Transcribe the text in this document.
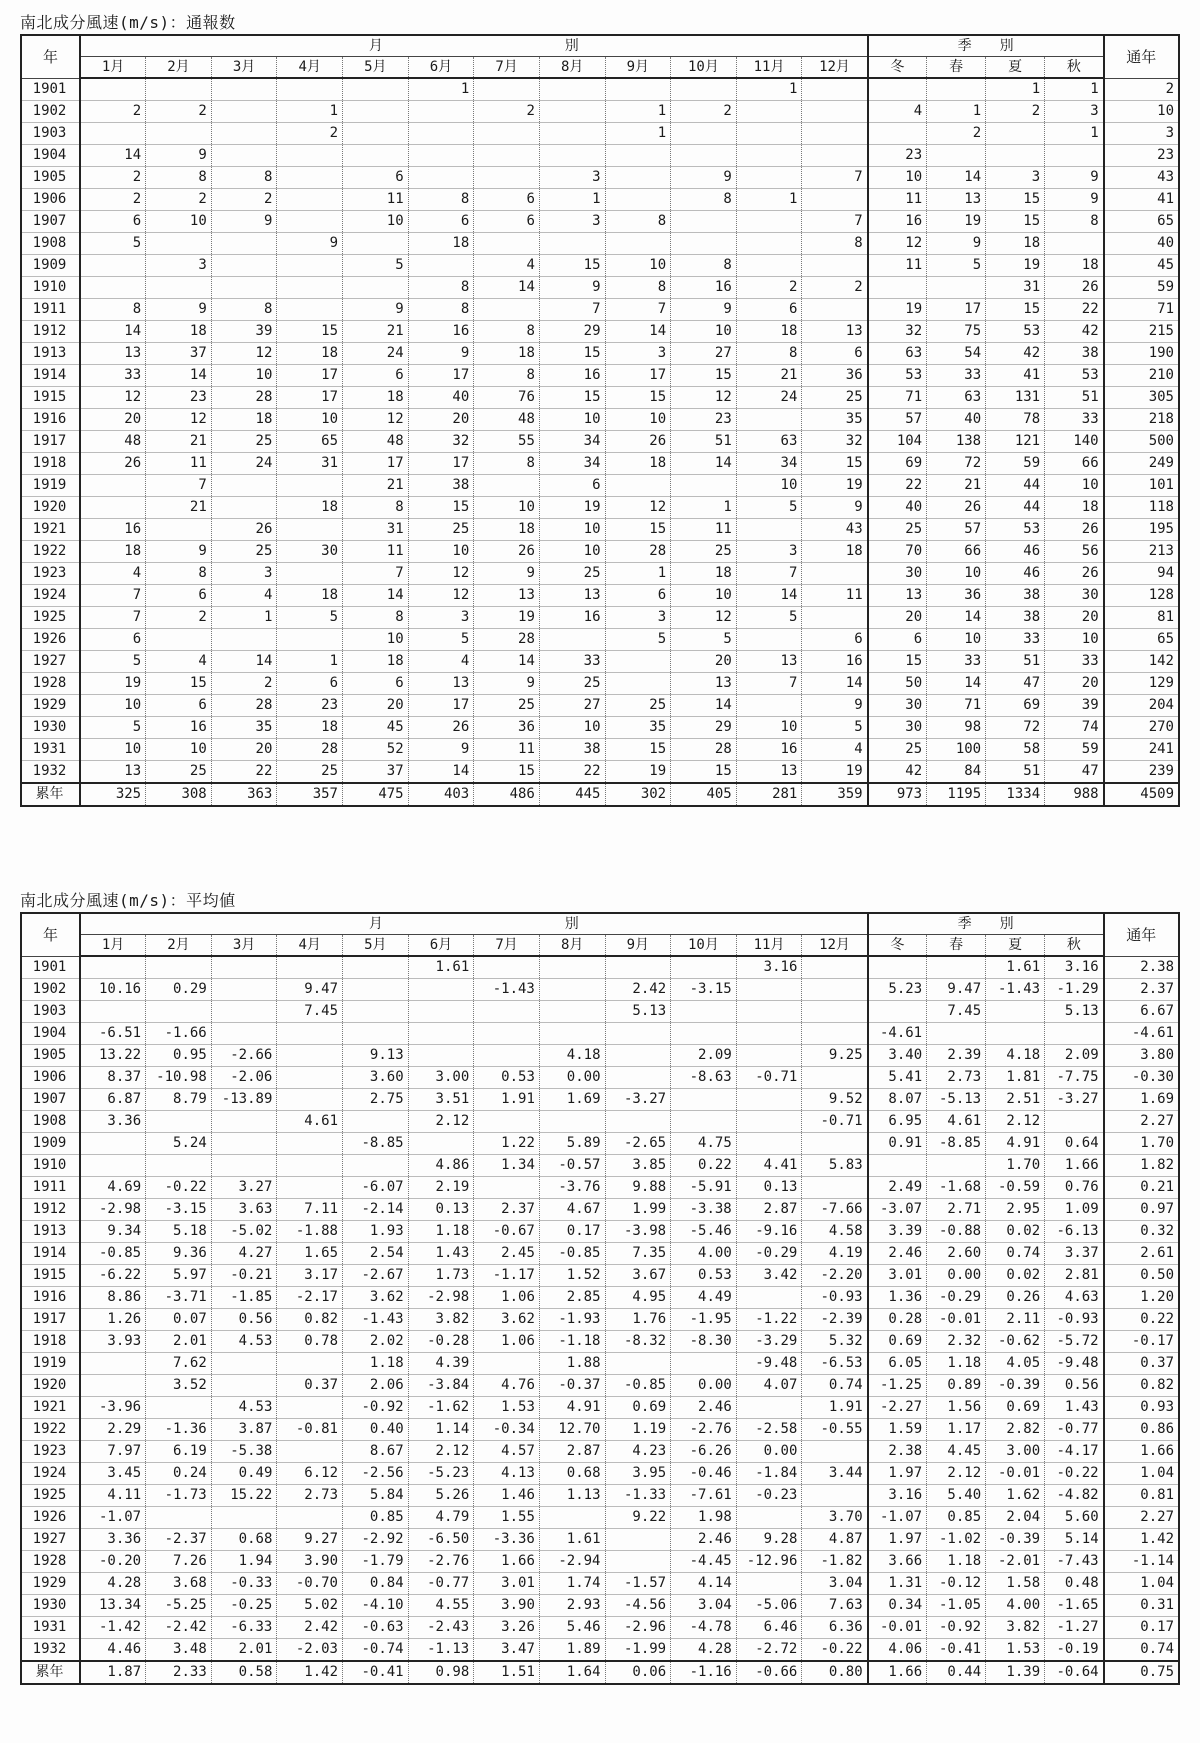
南北成分風速(m/s)：通報数
年	月　　　　　　　　　　　　　別												季　　別				通年
	1月	2月	3月	4月	5月	6月	7月	8月	9月	10月	11月	12月	冬	春	夏	秋	
1901						1					1				1	1	2
1902	2	2		1			2		1	2			4	1	2	3	10
1903				2					1					2		1	3
1904	14	9											23				23
1905	2	8	8		6			3		9		7	10	14	3	9	43
1906	2	2	2		11	8	6	1		8	1		11	13	15	9	41
1907	6	10	9		10	6	6	3	8			7	16	19	15	8	65
1908	5			9		18						8	12	9	18		40
1909		3			5		4	15	10	8			11	5	19	18	45
1910						8	14	9	8	16	2	2			31	26	59
1911	8	9	8		9	8		7	7	9	6		19	17	15	22	71
1912	14	18	39	15	21	16	8	29	14	10	18	13	32	75	53	42	215
1913	13	37	12	18	24	9	18	15	3	27	8	6	63	54	42	38	190
1914	33	14	10	17	6	17	8	16	17	15	21	36	53	33	41	53	210
1915	12	23	28	17	18	40	76	15	15	12	24	25	71	63	131	51	305
1916	20	12	18	10	12	20	48	10	10	23		35	57	40	78	33	218
1917	48	21	25	65	48	32	55	34	26	51	63	32	104	138	121	140	500
1918	26	11	24	31	17	17	8	34	18	14	34	15	69	72	59	66	249
1919		7			21	38		6			10	19	22	21	44	10	101
1920		21		18	8	15	10	19	12	1	5	9	40	26	44	18	118
1921	16		26		31	25	18	10	15	11		43	25	57	53	26	195
1922	18	9	25	30	11	10	26	10	28	25	3	18	70	66	46	56	213
1923	4	8	3		7	12	9	25	1	18	7		30	10	46	26	94
1924	7	6	4	18	14	12	13	13	6	10	14	11	13	36	38	30	128
1925	7	2	1	5	8	3	19	16	3	12	5		20	14	38	20	81
1926	6				10	5	28		5	5		6	6	10	33	10	65
1927	5	4	14	1	18	4	14	33		20	13	16	15	33	51	33	142
1928	19	15	2	6	6	13	9	25		13	7	14	50	14	47	20	129
1929	10	6	28	23	20	17	25	27	25	14		9	30	71	69	39	204
1930	5	16	35	18	45	26	36	10	35	29	10	5	30	98	72	74	270
1931	10	10	20	28	52	9	11	38	15	28	16	4	25	100	58	59	241
1932	13	25	22	25	37	14	15	22	19	15	13	19	42	84	51	47	239
累年	325	308	363	357	475	403	486	445	302	405	281	359	973	1195	1334	988	4509
南北成分風速(m/s)：平均値
年	月　　　　　　　　　　　　　別												季　　別				通年
	1月	2月	3月	4月	5月	6月	7月	8月	9月	10月	11月	12月	冬	春	夏	秋	
1901						1.61					3.16				1.61	3.16	2.38
1902	10.16	0.29		9.47			-1.43		2.42	-3.15			5.23	9.47	-1.43	-1.29	2.37
1903				7.45					5.13					7.45		5.13	6.67
1904	-6.51	-1.66											-4.61				-4.61
1905	13.22	0.95	-2.66		9.13			4.18		2.09		9.25	3.40	2.39	4.18	2.09	3.80
1906	8.37	-10.98	-2.06		3.60	3.00	0.53	0.00		-8.63	-0.71		5.41	2.73	1.81	-7.75	-0.30
1907	6.87	8.79	-13.89		2.75	3.51	1.91	1.69	-3.27			9.52	8.07	-5.13	2.51	-3.27	1.69
1908	3.36			4.61		2.12						-0.71	6.95	4.61	2.12		2.27
1909		5.24			-8.85		1.22	5.89	-2.65	4.75			0.91	-8.85	4.91	0.64	1.70
1910						4.86	1.34	-0.57	3.85	0.22	4.41	5.83			1.70	1.66	1.82
1911	4.69	-0.22	3.27		-6.07	2.19		-3.76	9.88	-5.91	0.13		2.49	-1.68	-0.59	0.76	0.21
1912	-2.98	-3.15	3.63	7.11	-2.14	0.13	2.37	4.67	1.99	-3.38	2.87	-7.66	-3.07	2.71	2.95	1.09	0.97
1913	9.34	5.18	-5.02	-1.88	1.93	1.18	-0.67	0.17	-3.98	-5.46	-9.16	4.58	3.39	-0.88	0.02	-6.13	0.32
1914	-0.85	9.36	4.27	1.65	2.54	1.43	2.45	-0.85	7.35	4.00	-0.29	4.19	2.46	2.60	0.74	3.37	2.61
1915	-6.22	5.97	-0.21	3.17	-2.67	1.73	-1.17	1.52	3.67	0.53	3.42	-2.20	3.01	0.00	0.02	2.81	0.50
1916	8.86	-3.71	-1.85	-2.17	3.62	-2.98	1.06	2.85	4.95	4.49		-0.93	1.36	-0.29	0.26	4.63	1.20
1917	1.26	0.07	0.56	0.82	-1.43	3.82	3.62	-1.93	1.76	-1.95	-1.22	-2.39	0.28	-0.01	2.11	-0.93	0.22
1918	3.93	2.01	4.53	0.78	2.02	-0.28	1.06	-1.18	-8.32	-8.30	-3.29	5.32	0.69	2.32	-0.62	-5.72	-0.17
1919		7.62			1.18	4.39		1.88			-9.48	-6.53	6.05	1.18	4.05	-9.48	0.37
1920		3.52		0.37	2.06	-3.84	4.76	-0.37	-0.85	0.00	4.07	0.74	-1.25	0.89	-0.39	0.56	0.82
1921	-3.96		4.53		-0.92	-1.62	1.53	4.91	0.69	2.46		1.91	-2.27	1.56	0.69	1.43	0.93
1922	2.29	-1.36	3.87	-0.81	0.40	1.14	-0.34	12.70	1.19	-2.76	-2.58	-0.55	1.59	1.17	2.82	-0.77	0.86
1923	7.97	6.19	-5.38		8.67	2.12	4.57	2.87	4.23	-6.26	0.00		2.38	4.45	3.00	-4.17	1.66
1924	3.45	0.24	0.49	6.12	-2.56	-5.23	4.13	0.68	3.95	-0.46	-1.84	3.44	1.97	2.12	-0.01	-0.22	1.04
1925	4.11	-1.73	15.22	2.73	5.84	5.26	1.46	1.13	-1.33	-7.61	-0.23		3.16	5.40	1.62	-4.82	0.81
1926	-1.07				0.85	4.79	1.55		9.22	1.98		3.70	-1.07	0.85	2.04	5.60	2.27
1927	3.36	-2.37	0.68	9.27	-2.92	-6.50	-3.36	1.61		2.46	9.28	4.87	1.97	-1.02	-0.39	5.14	1.42
1928	-0.20	7.26	1.94	3.90	-1.79	-2.76	1.66	-2.94		-4.45	-12.96	-1.82	3.66	1.18	-2.01	-7.43	-1.14
1929	4.28	3.68	-0.33	-0.70	0.84	-0.77	3.01	1.74	-1.57	4.14		3.04	1.31	-0.12	1.58	0.48	1.04
1930	13.34	-5.25	-0.25	5.02	-4.10	4.55	3.90	2.93	-4.56	3.04	-5.06	7.63	0.34	-1.05	4.00	-1.65	0.31
1931	-1.42	-2.42	-6.33	2.42	-0.63	-2.43	3.26	5.46	-2.96	-4.78	6.46	6.36	-0.01	-0.92	3.82	-1.27	0.17
1932	4.46	3.48	2.01	-2.03	-0.74	-1.13	3.47	1.89	-1.99	4.28	-2.72	-0.22	4.06	-0.41	1.53	-0.19	0.74
累年	1.87	2.33	0.58	1.42	-0.41	0.98	1.51	1.64	0.06	-1.16	-0.66	0.80	1.66	0.44	1.39	-0.64	0.75
